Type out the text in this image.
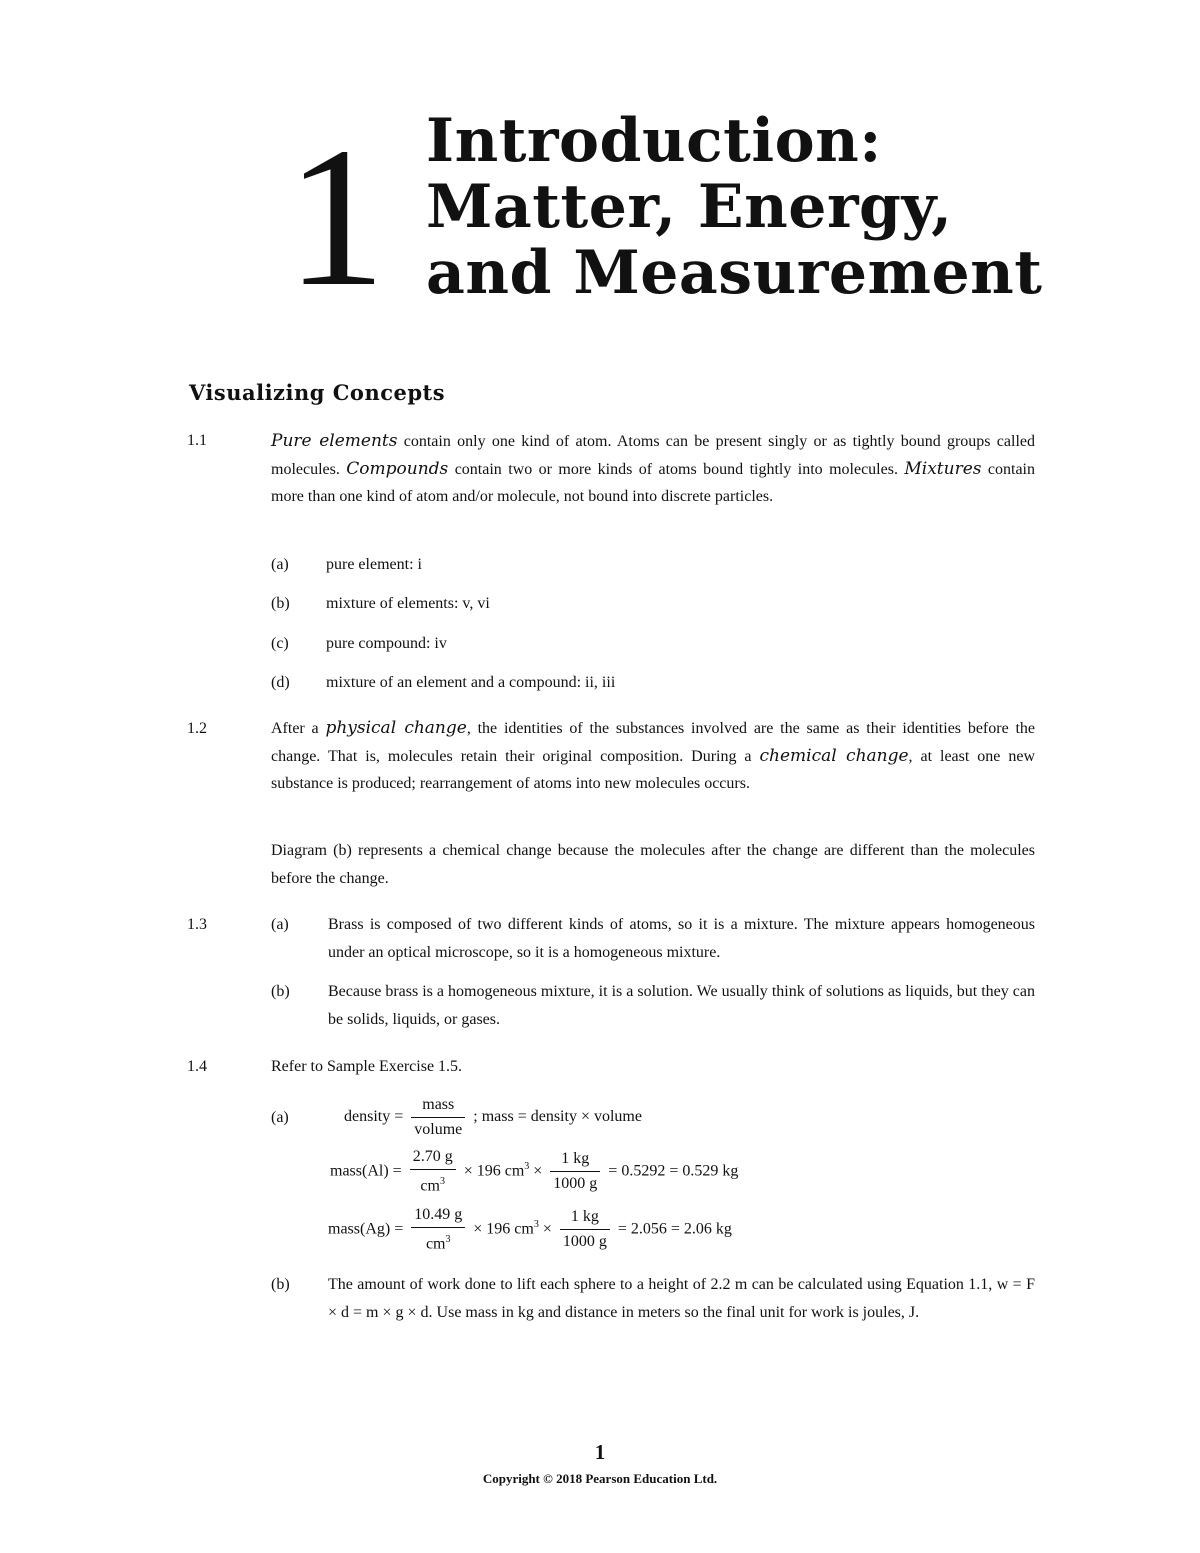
1 Introduction:
Matter, Energy,
and Measurement
Visualizing Concepts
1.1	Pure elements contain only one kind of atom. Atoms can be present singly or as tightly bound groups called molecules. Compounds contain two or more kinds of atoms bound tightly into molecules. Mixtures contain more than one kind of atom and/or molecule, not bound into discrete particles.
(a) pure element: i
(b) mixture of elements: v, vi
(c) pure compound: iv
(d) mixture of an element and a compound: ii, iii
1.2	After a physical change, the identities of the substances involved are the same as their identities before the change. That is, molecules retain their original composition. During a chemical change, at least one new substance is produced; rearrangement of atoms into new molecules occurs.
Diagram (b) represents a chemical change because the molecules after the change are different than the molecules before the change.
1.3	(a) Brass is composed of two different kinds of atoms, so it is a mixture. The mixture appears homogeneous under an optical microscope, so it is a homogeneous mixture.
(b) Because brass is a homogeneous mixture, it is a solution. We usually think of solutions as liquids, but they can be solids, liquids, or gases.
1.4	Refer to Sample Exercise 1.5.
(a)	density = $\frac{\text{mass}}{\text{volume}}$ ; mass = density × volume
mass(Al) = $\frac{2.70 g}{cm^3} \times 196$ $cm^3 \times \frac{1 kg}{1000 g} = 0.5292 = 0.529$ kg
mass(Ag) = $\frac{10.49 g}{cm^3} \times 196$ $cm^3 \times \frac{1 kg}{1000 g} = 2.056 = 2.06$ kg
(b) The amount of work done to lift each sphere to a height of 2.2 m can be calculated using Equation 1.1, w = F × d = m × g × d. Use mass in kg and distance in meters so the final unit for work is joules, J.
1
Copyright © 2018 Pearson Education Ltd.
